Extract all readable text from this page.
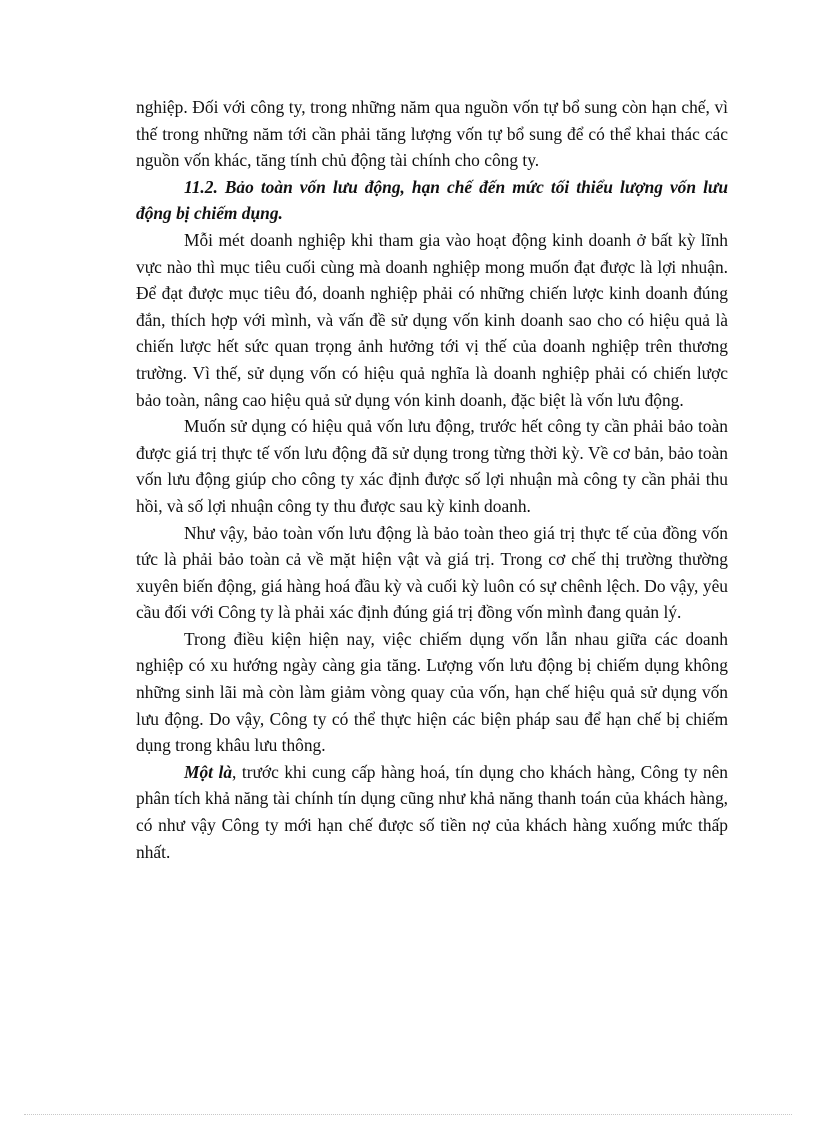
nghiệp. Đối với công ty, trong những năm qua nguồn vốn tự bổ sung còn hạn chế, vì thế trong những năm tới cần phải tăng lượng vốn tự bổ sung để có thể khai thác các nguồn vốn khác, tăng tính chủ động tài chính cho công ty.

11.2. Bảo toàn vốn lưu động, hạn chế đến mức tối thiểu lượng vốn lưu động bị chiếm dụng.

Mỗi mét doanh nghiệp khi tham gia vào hoạt động kinh doanh ở bất kỳ lĩnh vực nào thì mục tiêu cuối cùng mà doanh nghiệp mong muốn đạt được là lợi nhuận. Để đạt được mục tiêu đó, doanh nghiệp phải có những chiến lược kinh doanh đúng đắn, thích hợp với mình, và vấn đề sử dụng vốn kinh doanh sao cho có hiệu quả là chiến lược hết sức quan trọng ảnh hưởng tới vị thế của doanh nghiệp trên thương trường. Vì thế, sử dụng vốn có hiệu quả nghĩa là doanh nghiệp phải có chiến lược bảo toàn, nâng cao hiệu quả sử dụng vón kinh doanh, đặc biệt là vốn lưu động.

Muốn sử dụng có hiệu quả vốn lưu động, trước hết công ty cần phải bảo toàn được giá trị thực tế vốn lưu động đã sử dụng trong từng thời kỳ. Về cơ bản, bảo toàn vốn lưu động giúp cho công ty xác định được số lợi nhuận mà công ty cần phải thu hồi, và số lợi nhuận công ty thu được sau kỳ kinh doanh.

Như vậy, bảo toàn vốn lưu động là bảo toàn theo giá trị thực tế của đồng vốn tức là phải bảo toàn cả về mặt hiện vật và giá trị. Trong cơ chế thị trường thường xuyên biến động, giá hàng hoá đầu kỳ và cuối kỳ luôn có sự chênh lệch. Do vậy, yêu cầu đối với Công ty là phải xác định đúng giá trị đồng vốn mình đang quản lý.

Trong điều kiện hiện nay, việc chiếm dụng vốn lẫn nhau giữa các doanh nghiệp có xu hướng ngày càng gia tăng. Lượng vốn lưu động bị chiếm dụng không những sinh lãi mà còn làm giảm vòng quay của vốn, hạn chế hiệu quả sử dụng vốn lưu động. Do vậy, Công ty có thể thực hiện các biện pháp sau để hạn chế bị chiếm dụng trong khâu lưu thông.

Một là, trước khi cung cấp hàng hoá, tín dụng cho khách hàng, Công ty nên phân tích khả năng tài chính tín dụng cũng như khả năng thanh toán của khách hàng, có như vậy Công ty mới hạn chế được số tiền nợ của khách hàng xuống mức thấp nhất.
